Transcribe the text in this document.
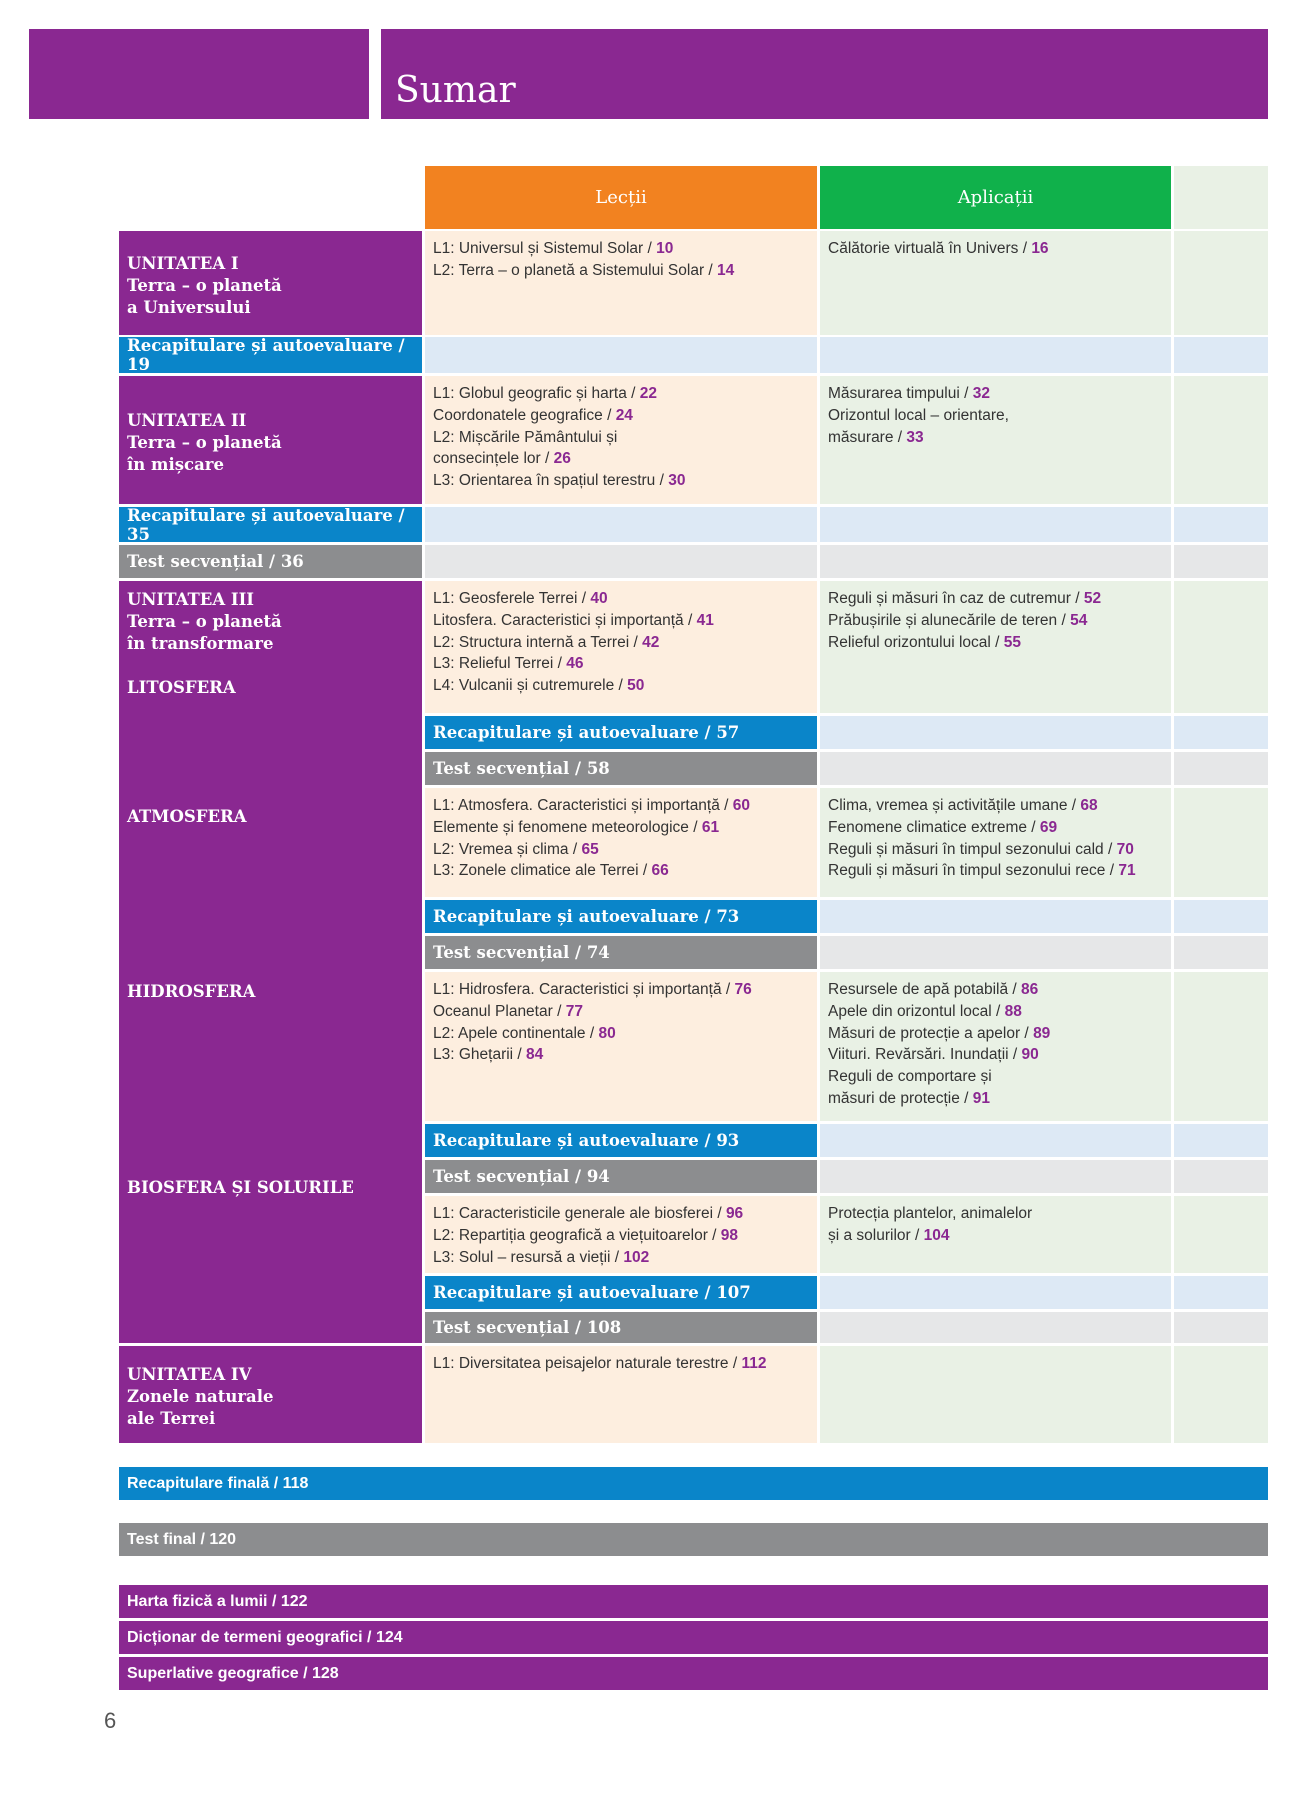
Sumar
Lecții	Aplicații
UNITATEA I
Terra – o planetă
a Universului
L1: Universul și Sistemul Solar / 10
L2: Terra – o planetă a Sistemului Solar / 14
Călătorie virtuală în Univers / 16
Recapitulare și autoevaluare / 19
UNITATEA II
Terra – o planetă
în mișcare
L1: Globul geografic și harta / 22
Coordonatele geografice / 24
L2: Mișcările Pământului și
consecințele lor / 26
L3: Orientarea în spațiul terestru / 30
Măsurarea timpului / 32
Orizontul local – orientare,
măsurare / 33
Recapitulare și autoevaluare / 35
Test secvențial / 36
UNITATEA III
Terra – o planetă
în transformare
LITOSFERA
ATMOSFERA
HIDROSFERA
BIOSFERA ȘI SOLURILE
L1: Geosferele Terrei / 40
Litosfera. Caracteristici și importanță / 41
L2: Structura internă a Terrei / 42
L3: Relieful Terrei / 46
L4: Vulcanii și cutremurele / 50
Reguli și măsuri în caz de cutremur / 52
Prăbușirile și alunecările de teren / 54
Relieful orizontului local / 55
Recapitulare și autoevaluare / 57
Test secvențial / 58
L1: Atmosfera. Caracteristici și importanță / 60
Elemente și fenomene meteorologice / 61
L2: Vremea și clima / 65
L3: Zonele climatice ale Terrei / 66
Clima, vremea și activitățile umane / 68
Fenomene climatice extreme / 69
Reguli și măsuri în timpul sezonului cald / 70
Reguli și măsuri în timpul sezonului rece / 71
Recapitulare și autoevaluare / 73
Test secvențial / 74
L1: Hidrosfera. Caracteristici și importanță / 76
Oceanul Planetar / 77
L2: Apele continentale / 80
L3: Ghețarii / 84
Resursele de apă potabilă / 86
Apele din orizontul local / 88
Măsuri de protecție a apelor / 89
Viituri. Revărsări. Inundații / 90
Reguli de comportare și
măsuri de protecție / 91
Recapitulare și autoevaluare / 93
Test secvențial / 94
L1: Caracteristicile generale ale biosferei / 96
L2: Repartiția geografică a viețuitoarelor / 98
L3: Solul – resursă a vieții / 102
Protecția plantelor, animalelor
și a solurilor / 104
Recapitulare și autoevaluare / 107
Test secvențial / 108
UNITATEA IV
Zonele naturale
ale Terrei
L1: Diversitatea peisajelor naturale terestre / 112
Recapitulare finală / 118
Test final / 120
Harta fizică a lumii / 122
Dicționar de termeni geografici / 124
Superlative geografice / 128
6
